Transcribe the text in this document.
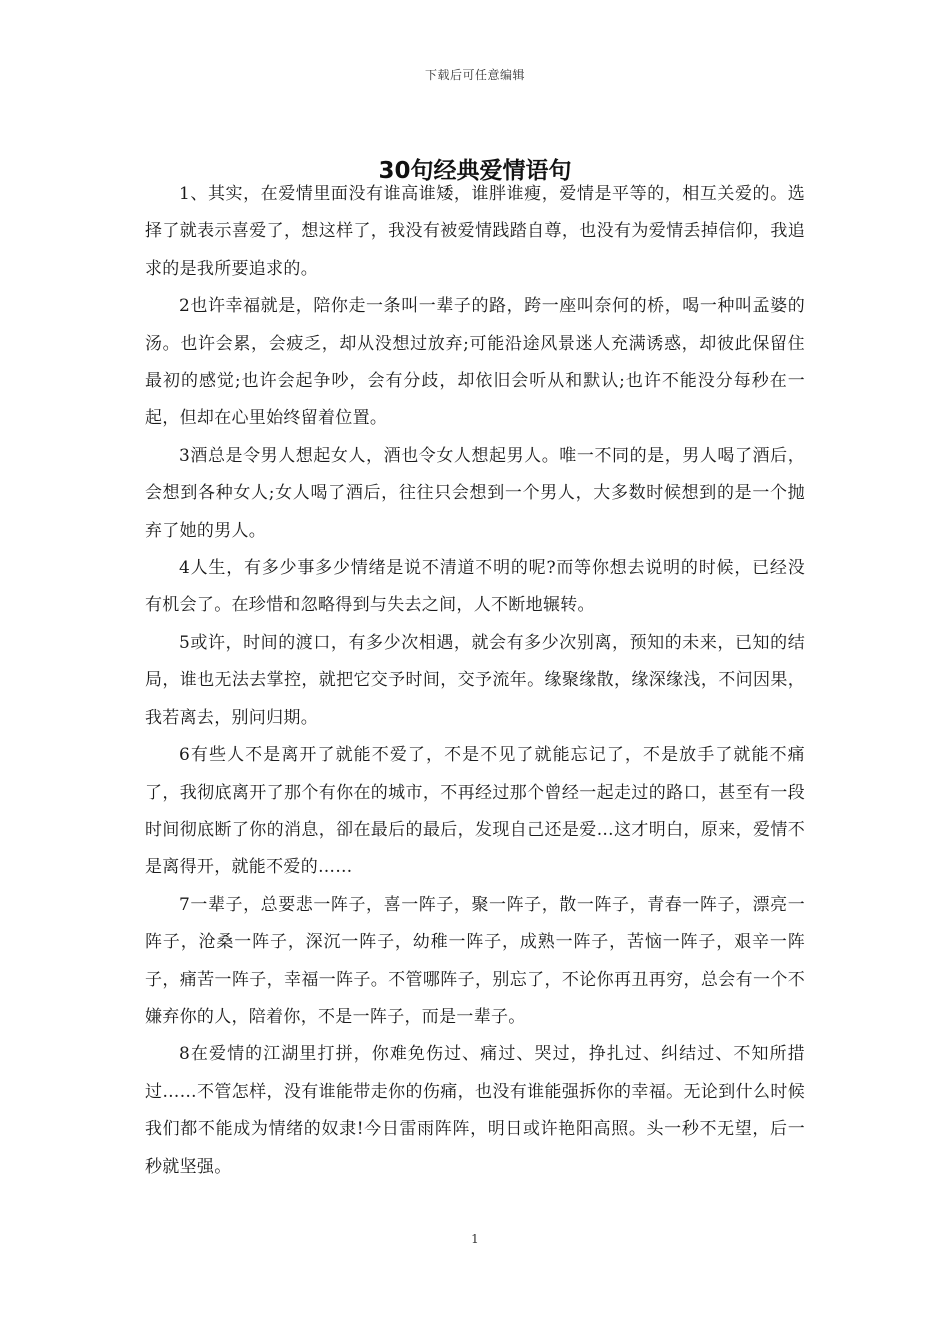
下载后可任意编辑
30句经典爱情语句

1、其实，在爱情里面没有谁高谁矮，谁胖谁瘦，爱情是平等的，相互关爱的。选择了就表示喜爱了，想这样了，我没有被爱情践踏自尊，也没有为爱情丢掉信仰，我追求的是我所要追求的。

2也许幸福就是，陪你走一条叫一辈子的路，跨一座叫奈何的桥，喝一种叫孟婆的汤。也许会累，会疲乏，却从没想过放弃;可能沿途风景迷人充满诱惑，却彼此保留住最初的感觉;也许会起争吵，会有分歧，却依旧会听从和默认;也许不能没分每秒在一起，但却在心里始终留着位置。

3酒总是令男人想起女人，酒也令女人想起男人。唯一不同的是，男人喝了酒后，会想到各种女人;女人喝了酒后，往往只会想到一个男人，大多数时候想到的是一个抛弃了她的男人。

4人生，有多少事多少情绪是说不清道不明的呢?而等你想去说明的时候，已经没有机会了。在珍惜和忽略得到与失去之间，人不断地辗转。

5或许，时间的渡口，有多少次相遇，就会有多少次别离，预知的未来，已知的结局，谁也无法去掌控，就把它交予时间，交予流年。缘聚缘散，缘深缘浅，不问因果，我若离去，别问归期。

6有些人不是离开了就能不爱了，不是不见了就能忘记了，不是放手了就能不痛了，我彻底离开了那个有你在的城市，不再经过那个曾经一起走过的路口，甚至有一段时间彻底断了你的消息，卻在最后的最后，发现自己还是爱…这才明白，原来，爱情不是离得开，就能不爱的……

7一辈子，总要悲一阵子，喜一阵子，聚一阵子，散一阵子，青春一阵子，漂亮一阵子，沧桑一阵子，深沉一阵子，幼稚一阵子，成熟一阵子，苦恼一阵子，艰辛一阵子，痛苦一阵子，幸福一阵子。不管哪阵子，别忘了，不论你再丑再穷，总会有一个不嫌弃你的人，陪着你，不是一阵子，而是一辈子。

8在爱情的江湖里打拼，你难免伤过、痛过、哭过，挣扎过、纠结过、不知所措过……不管怎样，没有谁能带走你的伤痛，也没有谁能强拆你的幸福。无论到什么时候我们都不能成为情绪的奴隶!今日雷雨阵阵，明日或许艳阳高照。头一秒不无望，后一秒就坚强。

1
